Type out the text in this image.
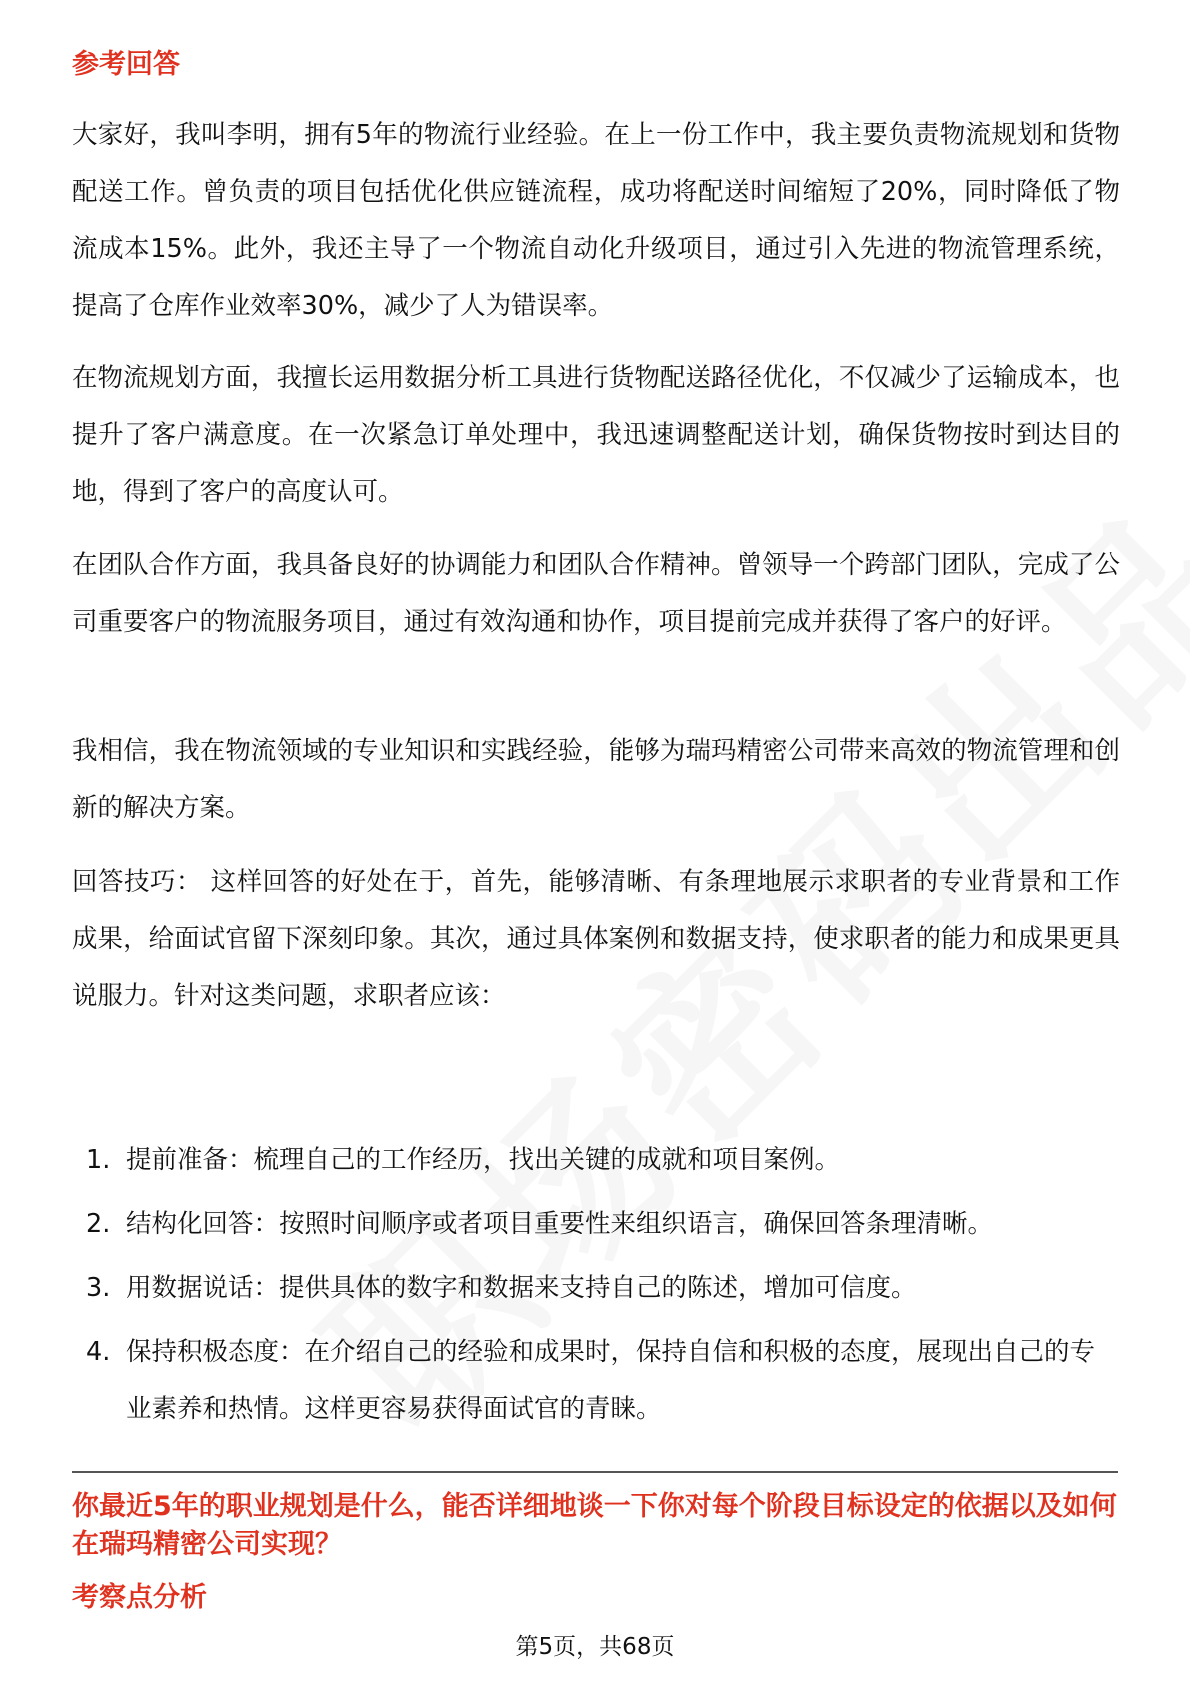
参考回答

大家好，我叫李明，拥有5年的物流行业经验。在上一份工作中，我主要负责物流规划和货物配送工作。曾负责的项目包括优化供应链流程，成功将配送时间缩短了20%，同时降低了物流成本15%。此外，我还主导了一个物流自动化升级项目，通过引入先进的物流管理系统，提高了仓库作业效率30%，减少了人为错误率。

在物流规划方面，我擅长运用数据分析工具进行货物配送路径优化，不仅减少了运输成本，也提升了客户满意度。在一次紧急订单处理中，我迅速调整配送计划，确保货物按时到达目的地，得到了客户的高度认可。

在团队合作方面，我具备良好的协调能力和团队合作精神。曾领导一个跨部门团队，完成了公司重要客户的物流服务项目，通过有效沟通和协作，项目提前完成并获得了客户的好评。

我相信，我在物流领域的专业知识和实践经验，能够为瑞玛精密公司带来高效的物流管理和创新的解决方案。

回答技巧： 这样回答的好处在于，首先，能够清晰、有条理地展示求职者的专业背景和工作成果，给面试官留下深刻印象。其次，通过具体案例和数据支持，使求职者的能力和成果更具说服力。针对这类问题，求职者应该：

1. 提前准备：梳理自己的工作经历，找出关键的成就和项目案例。
2. 结构化回答：按照时间顺序或者项目重要性来组织语言，确保回答条理清晰。
3. 用数据说话：提供具体的数字和数据来支持自己的陈述，增加可信度。
4. 保持积极态度：在介绍自己的经验和成果时，保持自信和积极的态度，展现出自己的专业素养和热情。这样更容易获得面试官的青睐。
你最近5年的职业规划是什么，能否详细地谈一下你对每个阶段目标设定的依据以及如何在瑞玛精密公司实现？
考察点分析
第5页，共68页
